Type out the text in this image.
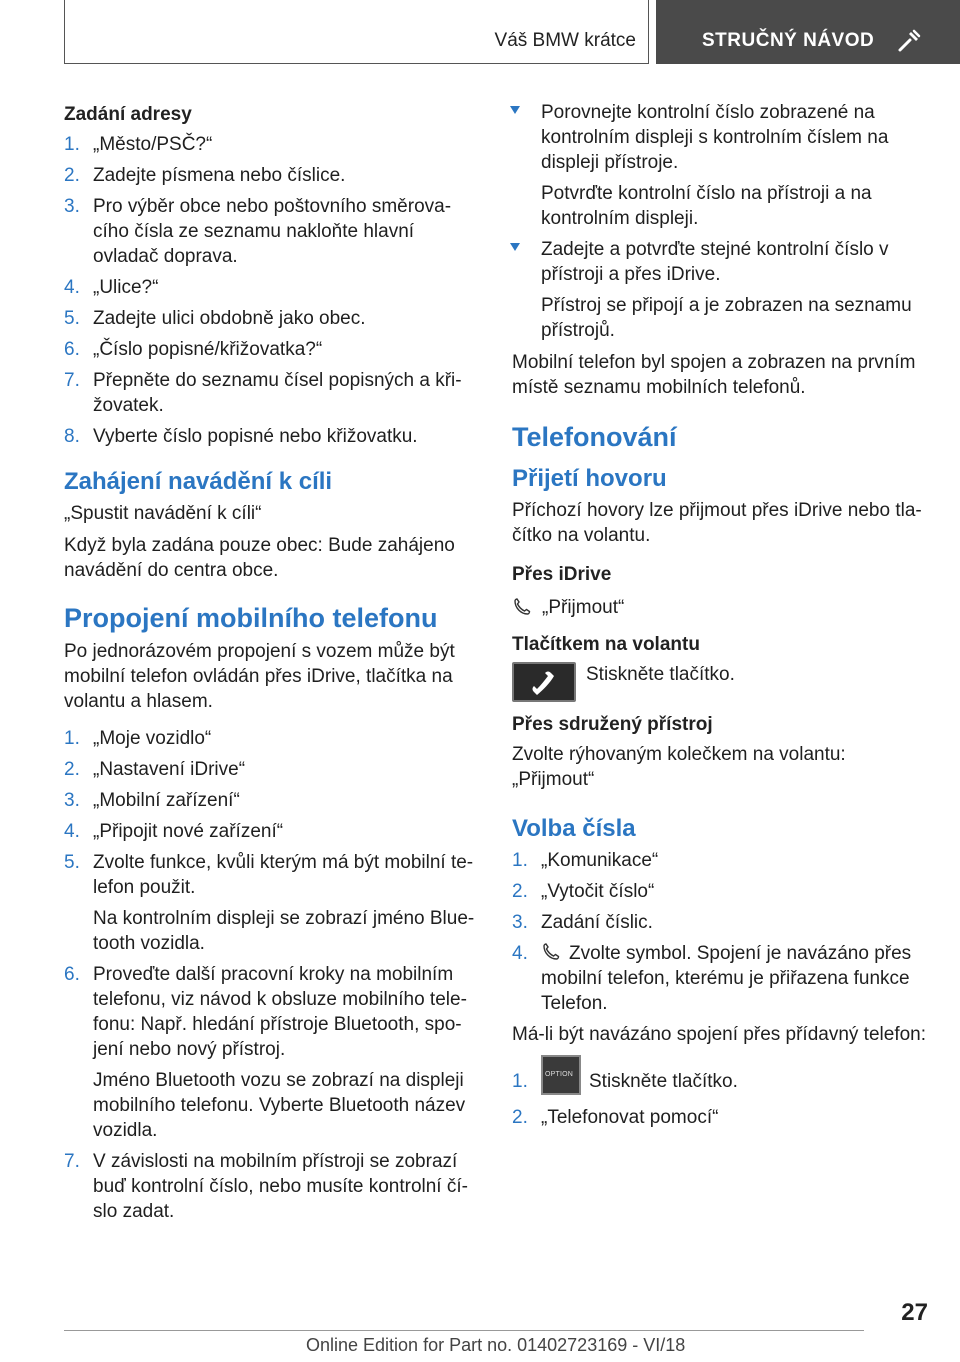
Váš BMW krátce	STRUČNÝ NÁVOD
Zadání adresy
1. „Město/PSČ?“
2. Zadejte písmena nebo číslice.
3. Pro výběr obce nebo poštovního směrovacího čísla ze seznamu nakloňte hlavní ovladač doprava.
4. „Ulice?“
5. Zadejte ulici obdobně jako obec.
6. „Číslo popisné/křižovatka?“
7. Přepněte do seznamu čísel popisných a křižovatek.
8. Vyberte číslo popisné nebo křižovatku.
Zahájení navádění k cíli
„Spustit navádění k cíli“
Když byla zadána pouze obec: Bude zahájeno navádění do centra obce.
Propojení mobilního telefonu
Po jednorázovém propojení s vozem může být mobilní telefon ovládán přes iDrive, tlačítka na volantu a hlasem.
1. „Moje vozidlo“
2. „Nastavení iDrive“
3. „Mobilní zařízení“
4. „Připojit nové zařízení“
5. Zvolte funkce, kvůli kterým má být mobilní telefon použit.
Na kontrolním displeji se zobrazí jméno Bluetooth vozidla.
6. Proveďte další pracovní kroky na mobilním telefonu, viz návod k obsluze mobilního telefonu: Např. hledání přístroje Bluetooth, spojení nebo nový přístroj.
Jméno Bluetooth vozu se zobrazí na displeji mobilního telefonu. Vyberte Bluetooth název vozidla.
7. V závislosti na mobilním přístroji se zobrazí buď kontrolní číslo, nebo musíte kontrolní číslo zadat.
Porovnejte kontrolní číslo zobrazené na kontrolním displeji s kontrolním číslem na displeji přístroje.
Potvrďte kontrolní číslo na přístroji a na kontrolním displeji.
Zadejte a potvrďte stejné kontrolní číslo v přístroji a přes iDrive.
Přístroj se připojí a je zobrazen na seznamu přístrojů.
Mobilní telefon byl spojen a zobrazen na prvním místě seznamu mobilních telefonů.
Telefonování
Přijetí hovoru
Příchozí hovory lze přijmout přes iDrive nebo tlačítko na volantu.
Přes iDrive
„Přijmout“
Tlačítkem na volantu
Stiskněte tlačítko.
Přes sdružený přístroj
Zvolte rýhovaným kolečkem na volantu:
„Přijmout“
Volba čísla
1. „Komunikace“
2. „Vytočit číslo“
3. Zadání číslic.
4. Zvolte symbol. Spojení je navázáno přes mobilní telefon, kterému je přiřazena funkce Telefon.
Má-li být navázáno spojení přes přídavný telefon:
1. OPTION Stiskněte tlačítko.
2. „Telefonovat pomocí“
27
Online Edition for Part no. 01402723169 - VI/18
